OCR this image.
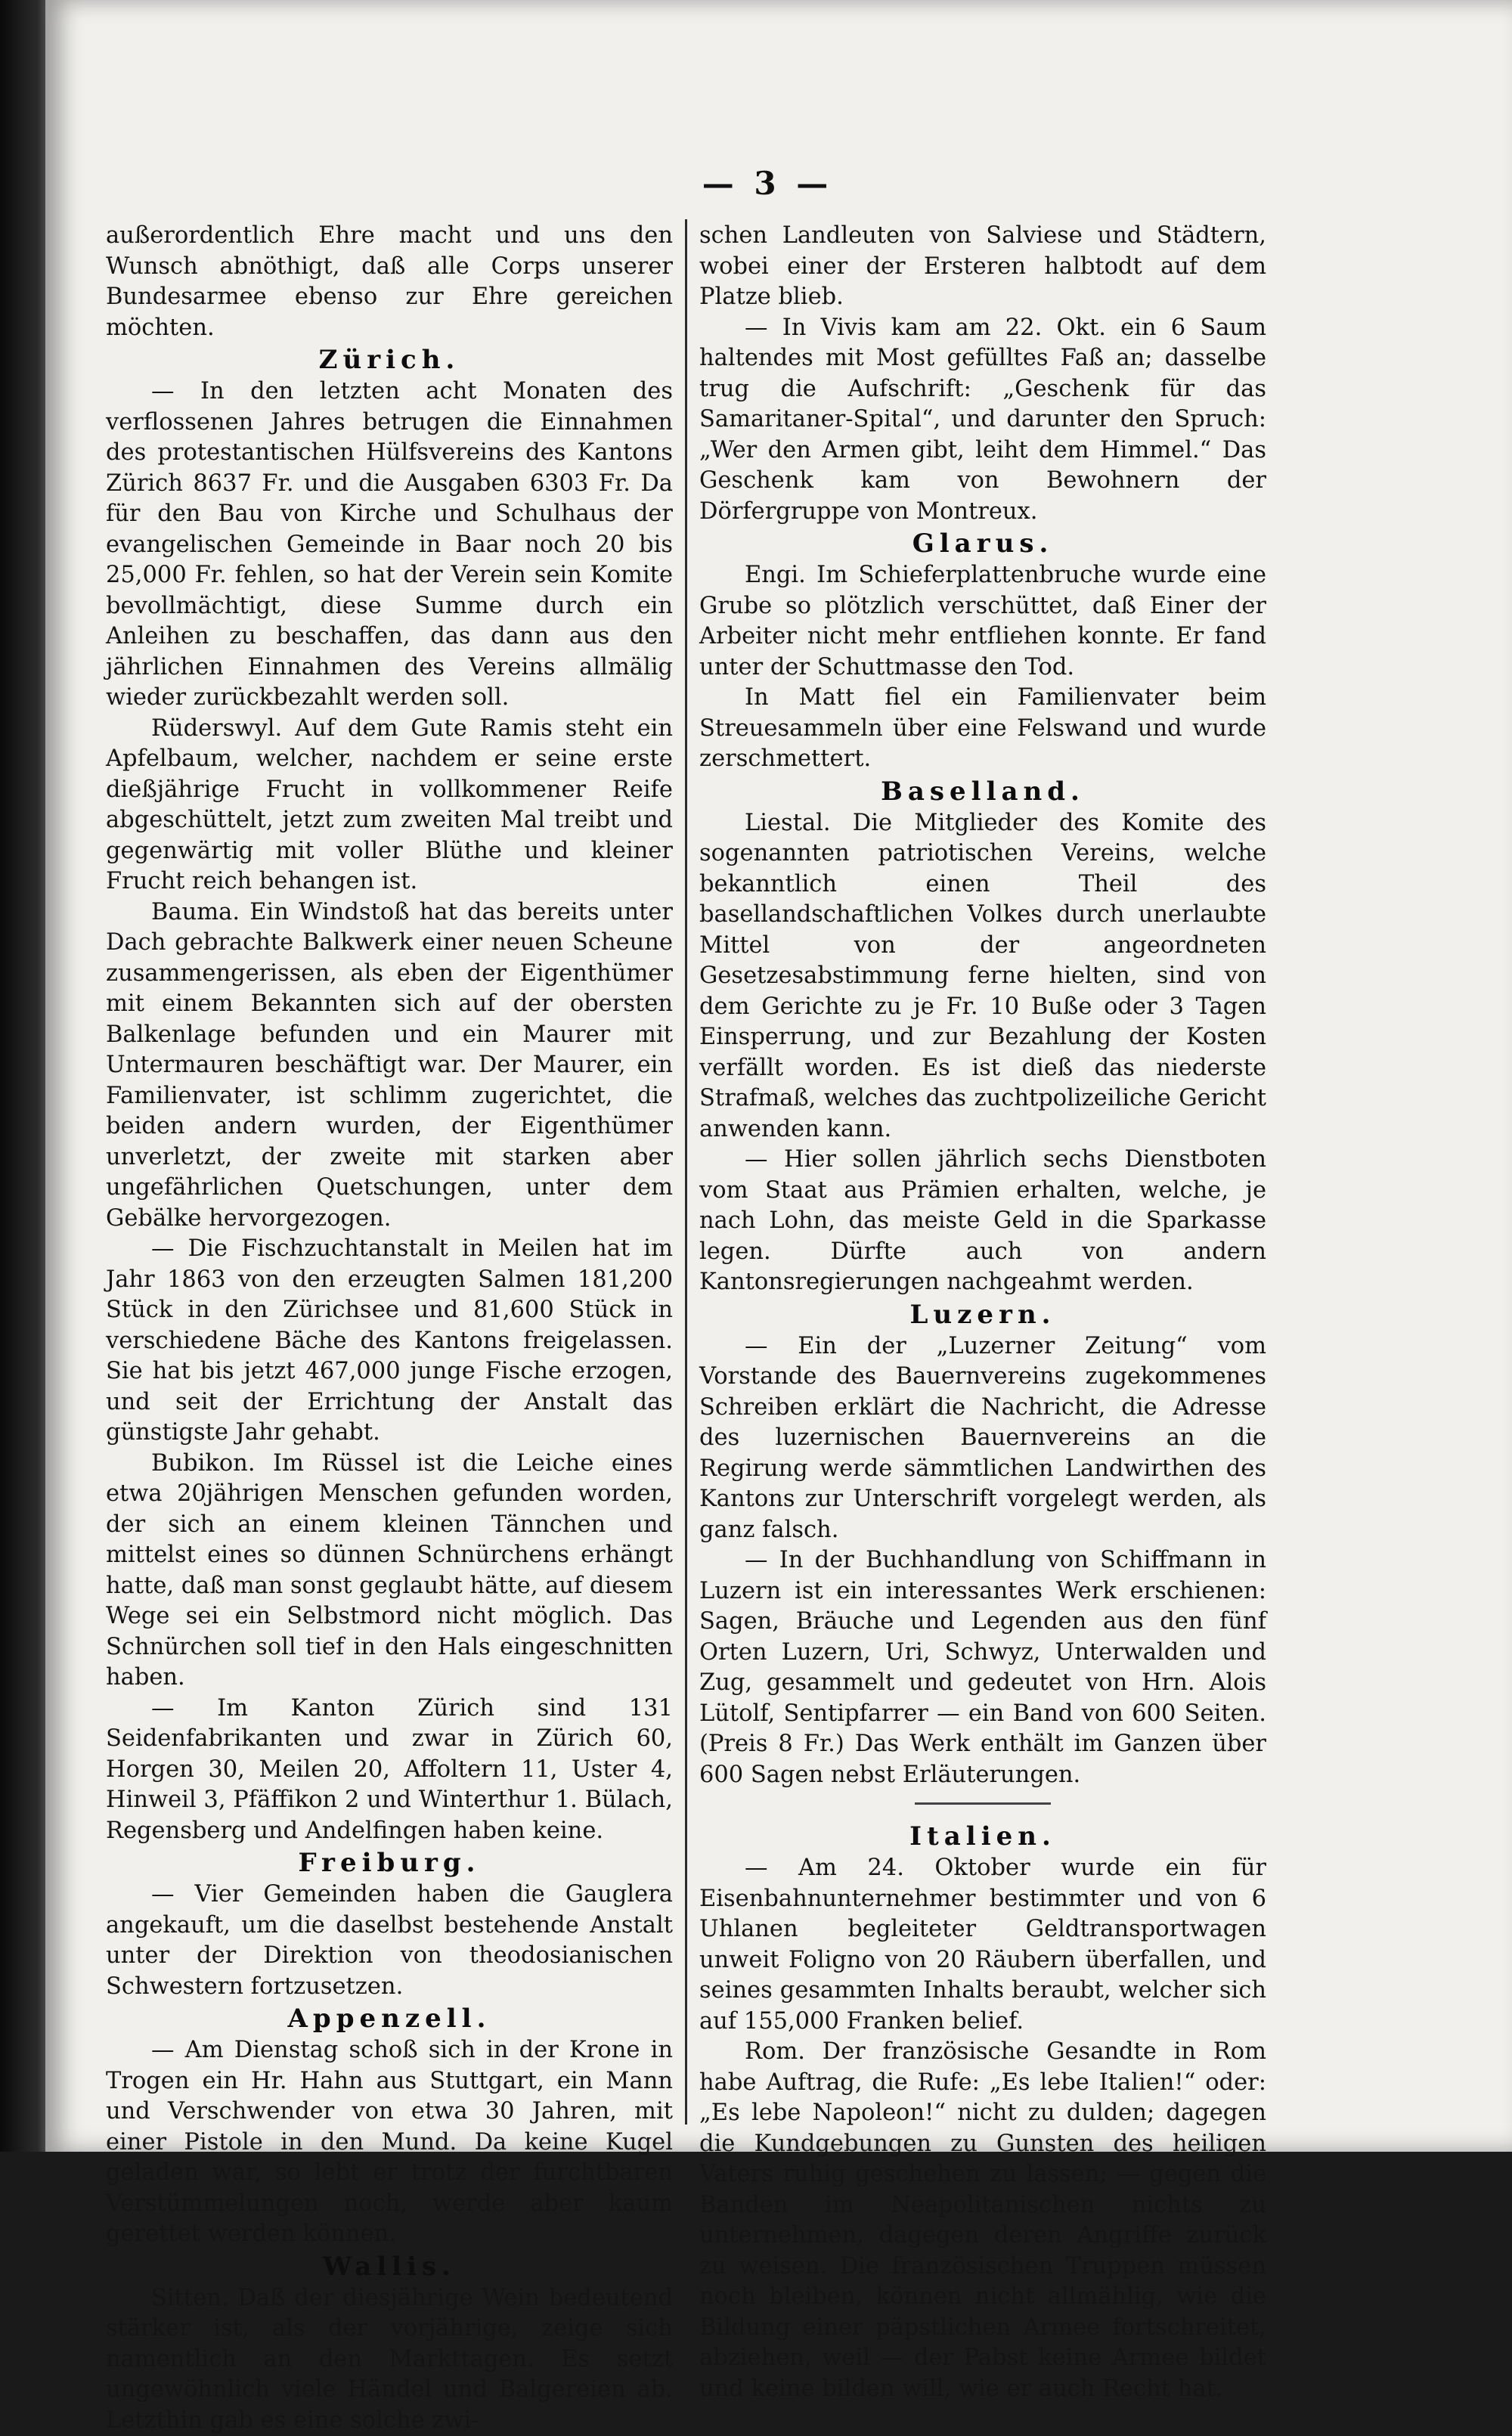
— 3 —

außerordentlich Ehre macht und uns den Wunsch abnöthigt, daß alle Corps unserer Bundesarmee ebenso zur Ehre gereichen möchten.

Zürich.

— In den letzten acht Monaten des verflossenen Jahres betrugen die Einnahmen des protestantischen Hülfsvereins des Kantons Zürich 8637 Fr. und die Ausgaben 6303 Fr. Da für den Bau von Kirche und Schulhaus der evangelischen Gemeinde in Baar noch 20 bis 25,000 Fr. fehlen, so hat der Verein sein Komite bevollmächtigt, diese Summe durch ein Anleihen zu beschaffen, das dann aus den jährlichen Einnahmen des Vereins allmälig wieder zurückbezahlt werden soll.

Rüderswyl. Auf dem Gute Ramis steht ein Apfelbaum, welcher, nachdem er seine erste dießjährige Frucht in vollkommener Reife abgeschüttelt, jetzt zum zweiten Mal treibt und gegenwärtig mit voller Blüthe und kleiner Frucht reich behangen ist.

Bauma. Ein Windstoß hat das bereits unter Dach gebrachte Balkwerk einer neuen Scheune zusammengerissen, als eben der Eigenthümer mit einem Bekannten sich auf der obersten Balkenlage befunden und ein Maurer mit Untermauren beschäftigt war. Der Maurer, ein Familienvater, ist schlimm zugerichtet, die beiden andern wurden, der Eigenthümer unverletzt, der zweite mit starken aber ungefährlichen Quetschungen, unter dem Gebälke hervorgezogen.

— Die Fischzuchtanstalt in Meilen hat im Jahr 1863 von den erzeugten Salmen 181,200 Stück in den Zürichsee und 81,600 Stück in verschiedene Bäche des Kantons freigelassen. Sie hat bis jetzt 467,000 junge Fische erzogen, und seit der Errichtung der Anstalt das günstigste Jahr gehabt.

Bubikon. Im Rüssel ist die Leiche eines etwa 20jährigen Menschen gefunden worden, der sich an einem kleinen Tännchen und mittelst eines so dünnen Schnürchens erhängt hatte, daß man sonst geglaubt hätte, auf diesem Wege sei ein Selbstmord nicht möglich. Das Schnürchen soll tief in den Hals eingeschnitten haben.

— Im Kanton Zürich sind 131 Seidenfabrikanten und zwar in Zürich 60, Horgen 30, Meilen 20, Affoltern 11, Uster 4, Hinweil 3, Pfäffikon 2 und Winterthur 1. Bülach, Regensberg und Andelfingen haben keine.

Freiburg.

— Vier Gemeinden haben die Gauglera angekauft, um die daselbst bestehende Anstalt unter der Direktion von theodosianischen Schwestern fortzusetzen.

Appenzell.

— Am Dienstag schoß sich in der Krone in Trogen ein Hr. Hahn aus Stuttgart, ein Mann und Verschwender von etwa 30 Jahren, mit einer Pistole in den Mund. Da keine Kugel geladen war, so lebt er trotz der furchtbaren Verstümmelungen noch, werde aber kaum gerettet werden können.

Wallis.

Sitten. Daß der diesjährige Wein bedeutend stärker ist, als der vorjährige, zeige sich namentlich an den Markttagen. Es setzt ungewöhnlich viele Händel und Balgereien ab. Letzthin gab es eine solche zwi-

schen Landleuten von Salviese und Städtern, wobei einer der Ersteren halbtodt auf dem Platze blieb.

— In Vivis kam am 22. Okt. ein 6 Saum haltendes mit Most gefülltes Faß an; dasselbe trug die Aufschrift: „Geschenk für das Samaritaner-Spital“, und darunter den Spruch: „Wer den Armen gibt, leiht dem Himmel.“ Das Geschenk kam von Bewohnern der Dörfergruppe von Montreux.

Glarus.

Engi. Im Schieferplattenbruche wurde eine Grube so plötzlich verschüttet, daß Einer der Arbeiter nicht mehr entfliehen konnte. Er fand unter der Schuttmasse den Tod.

In Matt fiel ein Familienvater beim Streuesammeln über eine Felswand und wurde zerschmettert.

Baselland.

Liestal. Die Mitglieder des Komite des sogenannten patriotischen Vereins, welche bekanntlich einen Theil des basellandschaftlichen Volkes durch unerlaubte Mittel von der angeordneten Gesetzesabstimmung ferne hielten, sind von dem Gerichte zu je Fr. 10 Buße oder 3 Tagen Einsperrung, und zur Bezahlung der Kosten verfällt worden. Es ist dieß das niederste Strafmaß, welches das zuchtpolizeiliche Gericht anwenden kann.

— Hier sollen jährlich sechs Dienstboten vom Staat aus Prämien erhalten, welche, je nach Lohn, das meiste Geld in die Sparkasse legen. Dürfte auch von andern Kantonsregierungen nachgeahmt werden.

Luzern.

— Ein der „Luzerner Zeitung“ vom Vorstande des Bauernvereins zugekommenes Schreiben erklärt die Nachricht, die Adresse des luzernischen Bauernvereins an die Regirung werde sämmtlichen Landwirthen des Kantons zur Unterschrift vorgelegt werden, als ganz falsch.

— In der Buchhandlung von Schiffmann in Luzern ist ein interessantes Werk erschienen: Sagen, Bräuche und Legenden aus den fünf Orten Luzern, Uri, Schwyz, Unterwalden und Zug, gesammelt und gedeutet von Hrn. Alois Lütolf, Sentipfarrer — ein Band von 600 Seiten. (Preis 8 Fr.) Das Werk enthält im Ganzen über 600 Sagen nebst Erläuterungen.

Italien.

— Am 24. Oktober wurde ein für Eisenbahnunternehmer bestimmter und von 6 Uhlanen begleiteter Geldtransportwagen unweit Foligno von 20 Räubern überfallen, und seines gesammten Inhalts beraubt, welcher sich auf 155,000 Franken belief.

Rom. Der französische Gesandte in Rom habe Auftrag, die Rufe: „Es lebe Italien!“ oder: „Es lebe Napoleon!“ nicht zu dulden; dagegen die Kundgebungen zu Gunsten des heiligen Vaters ruhig geschehen zu lassen; — gegen die Banden im Neapolitanischen nichts zu unternehmen, dagegen deren Angriffe zurück zu weisen. Die französischen Truppen müssen noch bleiben, können nicht allmählig, wie die Bildung einer päpstlichen Armee fortschreitet, abziehen, weil — der Pabst keine Armee bildet und keine bilden will, wie er auch Recht hat.
